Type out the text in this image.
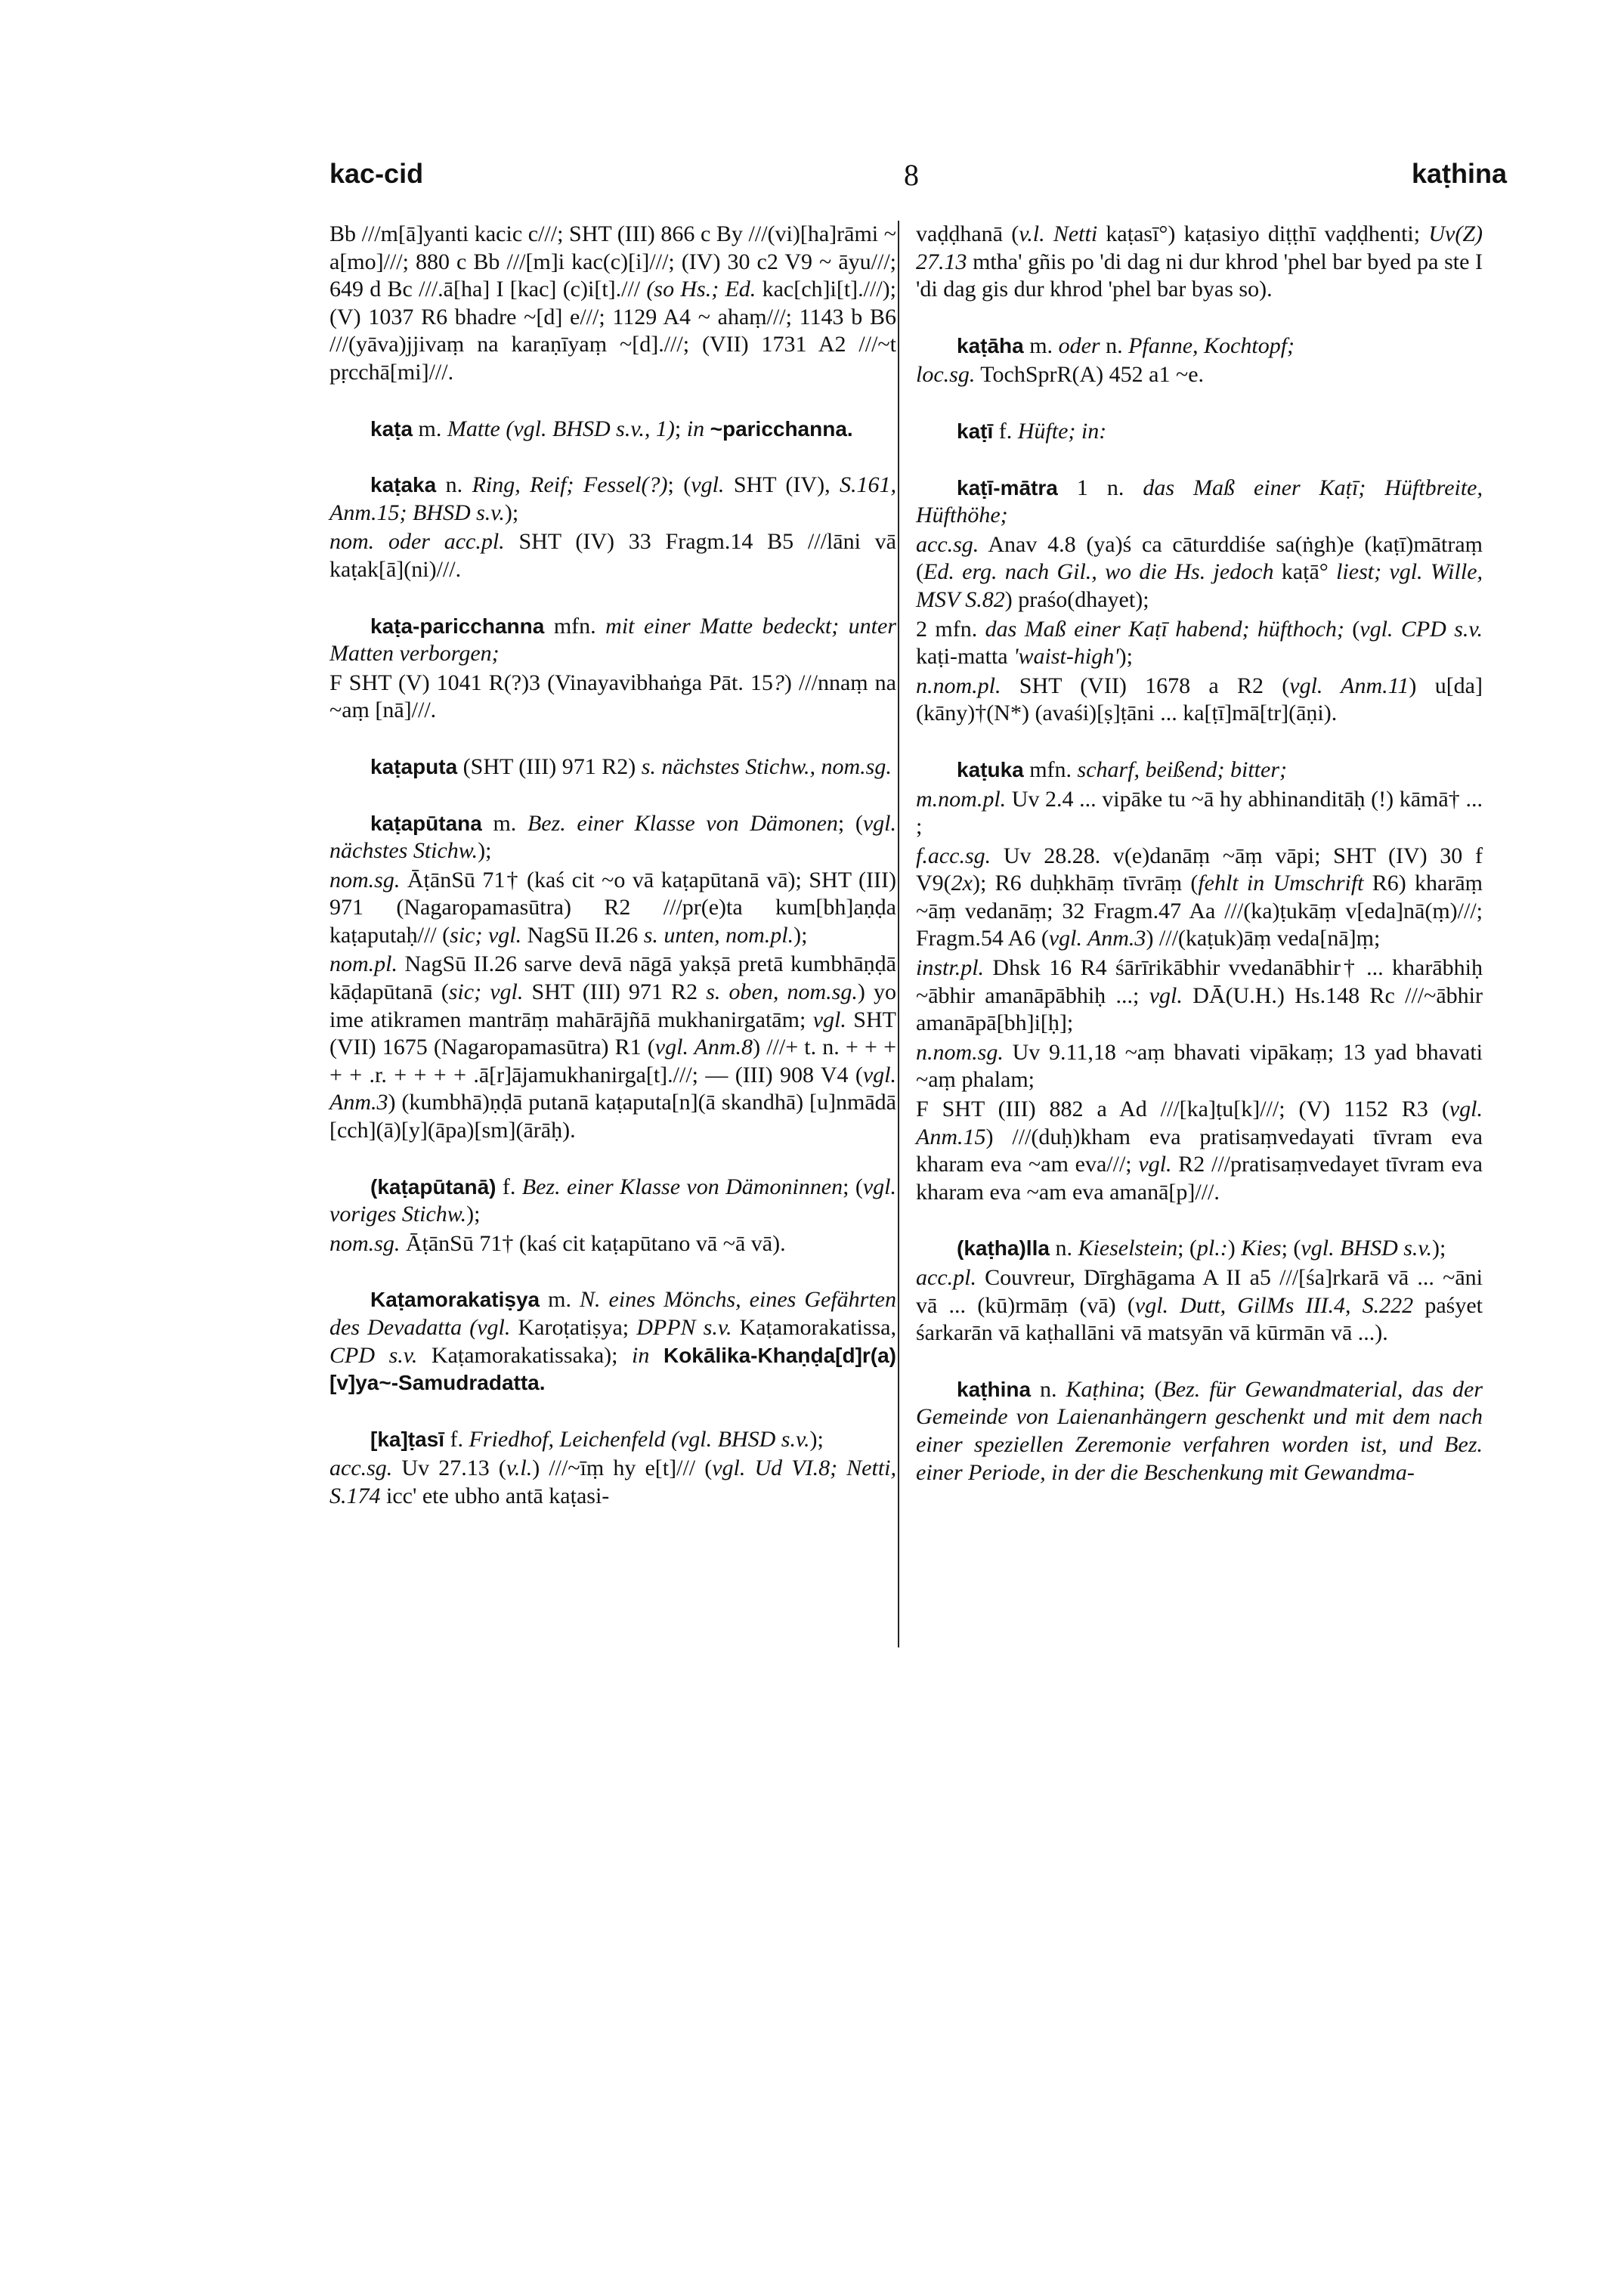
kac-cid	8	kaṭhina

Bb ///m[ā]yanti kacic c///; SHT (III) 866 c By ///(vi)[ha]rāmi ~ a[mo]///; 880 c Bb ///[m]i kac(c)[i]///; (IV) 30 c2 V9 ~ āyu///; 649 d Bc ///.ā[ha] I [kac] (c)i[t]./// (so Hs.; Ed. kac[ch]i[t].///); (V) 1037 R6 bhadre ~[d] e///; 1129 A4 ~ ahaṃ///; 1143 b B6 ///(yāva)jjivaṃ na karaṇīyaṃ ~[d].///; (VII) 1731 A2 ///~t pṛcchā[mi]///.

kaṭa m. Matte (vgl. BHSD s.v., 1); in ~paricchanna.

kaṭaka n. Ring, Reif; Fessel(?); (vgl. SHT (IV), S.161, Anm.15; BHSD s.v.);

nom. oder acc.pl. SHT (IV) 33 Fragm.14 B5 ///lāni vā kaṭak[ā](ni)///.

kaṭa-paricchanna mfn. mit einer Matte bedeckt; unter Matten verborgen;

F SHT (V) 1041 R(?)3 (Vinayavibhaṅga Pāt. 15?) ///nnaṃ na ~aṃ [nā]///.

kaṭaputa (SHT (III) 971 R2) s. nächstes Stichw., nom.sg.

kaṭapūtana m. Bez. einer Klasse von Dämonen; (vgl. nächstes Stichw.);

nom.sg. ĀṭānSū 71† (kaś cit ~o vā kaṭapūtanā vā); SHT (III) 971 (Nagaropamasūtra) R2 ///pr(e)ta kum[bh]aṇḍa kaṭaputaḥ/// (sic; vgl. NagSū II.26 s. unten, nom.pl.);

nom.pl. NagSū II.26 sarve devā nāgā yakṣā pretā kumbhāṇḍā kāḍapūtanā (sic; vgl. SHT (III) 971 R2 s. oben, nom.sg.) yo ime atikramen mantrāṃ mahārājñā mukhanirgatām; vgl. SHT (VII) 1675 (Nagaropamasūtra) R1 (vgl. Anm.8) ///+ t. n. + + + + + .r. + + + + .ā[r]ājamukhanirga[t].///; — (III) 908 V4 (vgl. Anm.3) (kumbhā)ṇḍā putanā kaṭaputa[n](ā skandhā) [u]nmādā [cch](ā)[y](āpa)[sm](ārāḥ).

(kaṭapūtanā) f. Bez. einer Klasse von Dämoninnen; (vgl. voriges Stichw.);

nom.sg. ĀṭānSū 71† (kaś cit kaṭapūtano vā ~ā vā).

Kaṭamorakatiṣya m. N. eines Mönchs, eines Gefährten des Devadatta (vgl. Karoṭatiṣya; DPPN s.v. Kaṭamorakatissa, CPD s.v. Kaṭamorakatissaka); in Kokālika-Khaṇḍa[d]r(a)[v]ya~-Samudradatta.

[ka]ṭasī f. Friedhof, Leichenfeld (vgl. BHSD s.v.);

acc.sg. Uv 27.13 (v.l.) ///~īṃ hy e[t]/// (vgl. Ud VI.8; Netti, S.174 icc' ete ubho antā kaṭasi-

vaḍḍhanā (v.l. Netti kaṭasī°) kaṭasiyo diṭṭhī vaḍḍhenti; Uv(Z) 27.13 mtha' gñis po 'di dag ni dur khrod 'phel bar byed pa ste I 'di dag gis dur khrod 'phel bar byas so).

kaṭāha m. oder n. Pfanne, Kochtopf;

loc.sg. TochSprR(A) 452 a1 ~e.

kaṭī f. Hüfte; in:

kaṭī-mātra 1 n. das Maß einer Kaṭī; Hüftbreite, Hüfthöhe;

acc.sg. Anav 4.8 (ya)ś ca cāturddiśe sa(ṅgh)e (kaṭī)mātraṃ (Ed. erg. nach Gil., wo die Hs. jedoch kaṭā° liest; vgl. Wille, MSV S.82) praśo(dhayet);

2 mfn. das Maß einer Kaṭī habend; hüfthoch; (vgl. CPD s.v. kaṭi-matta 'waist-high');

n.nom.pl. SHT (VII) 1678 a R2 (vgl. Anm.11) u[da](kāny)†(N*) (avaśi)[ṣ]ṭāni ... ka[ṭī]mā[tr](āṇi).

kaṭuka mfn. scharf, beißend; bitter;

m.nom.pl. Uv 2.4 ... vipāke tu ~ā hy abhinanditāḥ (!) kāmā† ... ;

f.acc.sg. Uv 28.28. v(e)danāṃ ~āṃ vāpi; SHT (IV) 30 f V9(2x); R6 duḥkhāṃ tīvrāṃ (fehlt in Umschrift R6) kharāṃ ~āṃ vedanāṃ; 32 Fragm.47 Aa ///(ka)ṭukāṃ v[eda]nā(ṃ)///; Fragm.54 A6 (vgl. Anm.3) ///(kaṭuk)āṃ veda[nā]ṃ;

instr.pl. Dhsk 16 R4 śārīrikābhir vvedanābhir† ... kharābhiḥ ~ābhir amanāpābhiḥ ...; vgl. DĀ(U.H.) Hs.148 Rc ///~ābhir amanāpā[bh]i[ḥ];

n.nom.sg. Uv 9.11,18 ~aṃ bhavati vipākaṃ; 13 yad bhavati ~aṃ phalam;

F SHT (III) 882 a Ad ///[ka]ṭu[k]///; (V) 1152 R3 (vgl. Anm.15) ///(duḥ)kham eva pratisaṃvedayati tīvram eva kharam eva ~am eva///; vgl. R2 ///pratisaṃvedayet tīvram eva kharam eva ~am eva amanā[p]///.

(kaṭha)lla n. Kieselstein; (pl.:) Kies; (vgl. BHSD s.v.);

acc.pl. Couvreur, Dīrghāgama A II a5 ///[śa]rkarā vā ... ~āni vā ... (kū)rmāṃ (vā) (vgl. Dutt, GilMs III.4, S.222 paśyet śarkarān vā kaṭhallāni vā matsyān vā kūrmān vā ...).

kaṭhina n. Kaṭhina; (Bez. für Gewandmaterial, das der Gemeinde von Laienanhängern geschenkt und mit dem nach einer speziellen Zeremonie verfahren worden ist, und Bez. einer Periode, in der die Beschenkung mit Gewandma-
